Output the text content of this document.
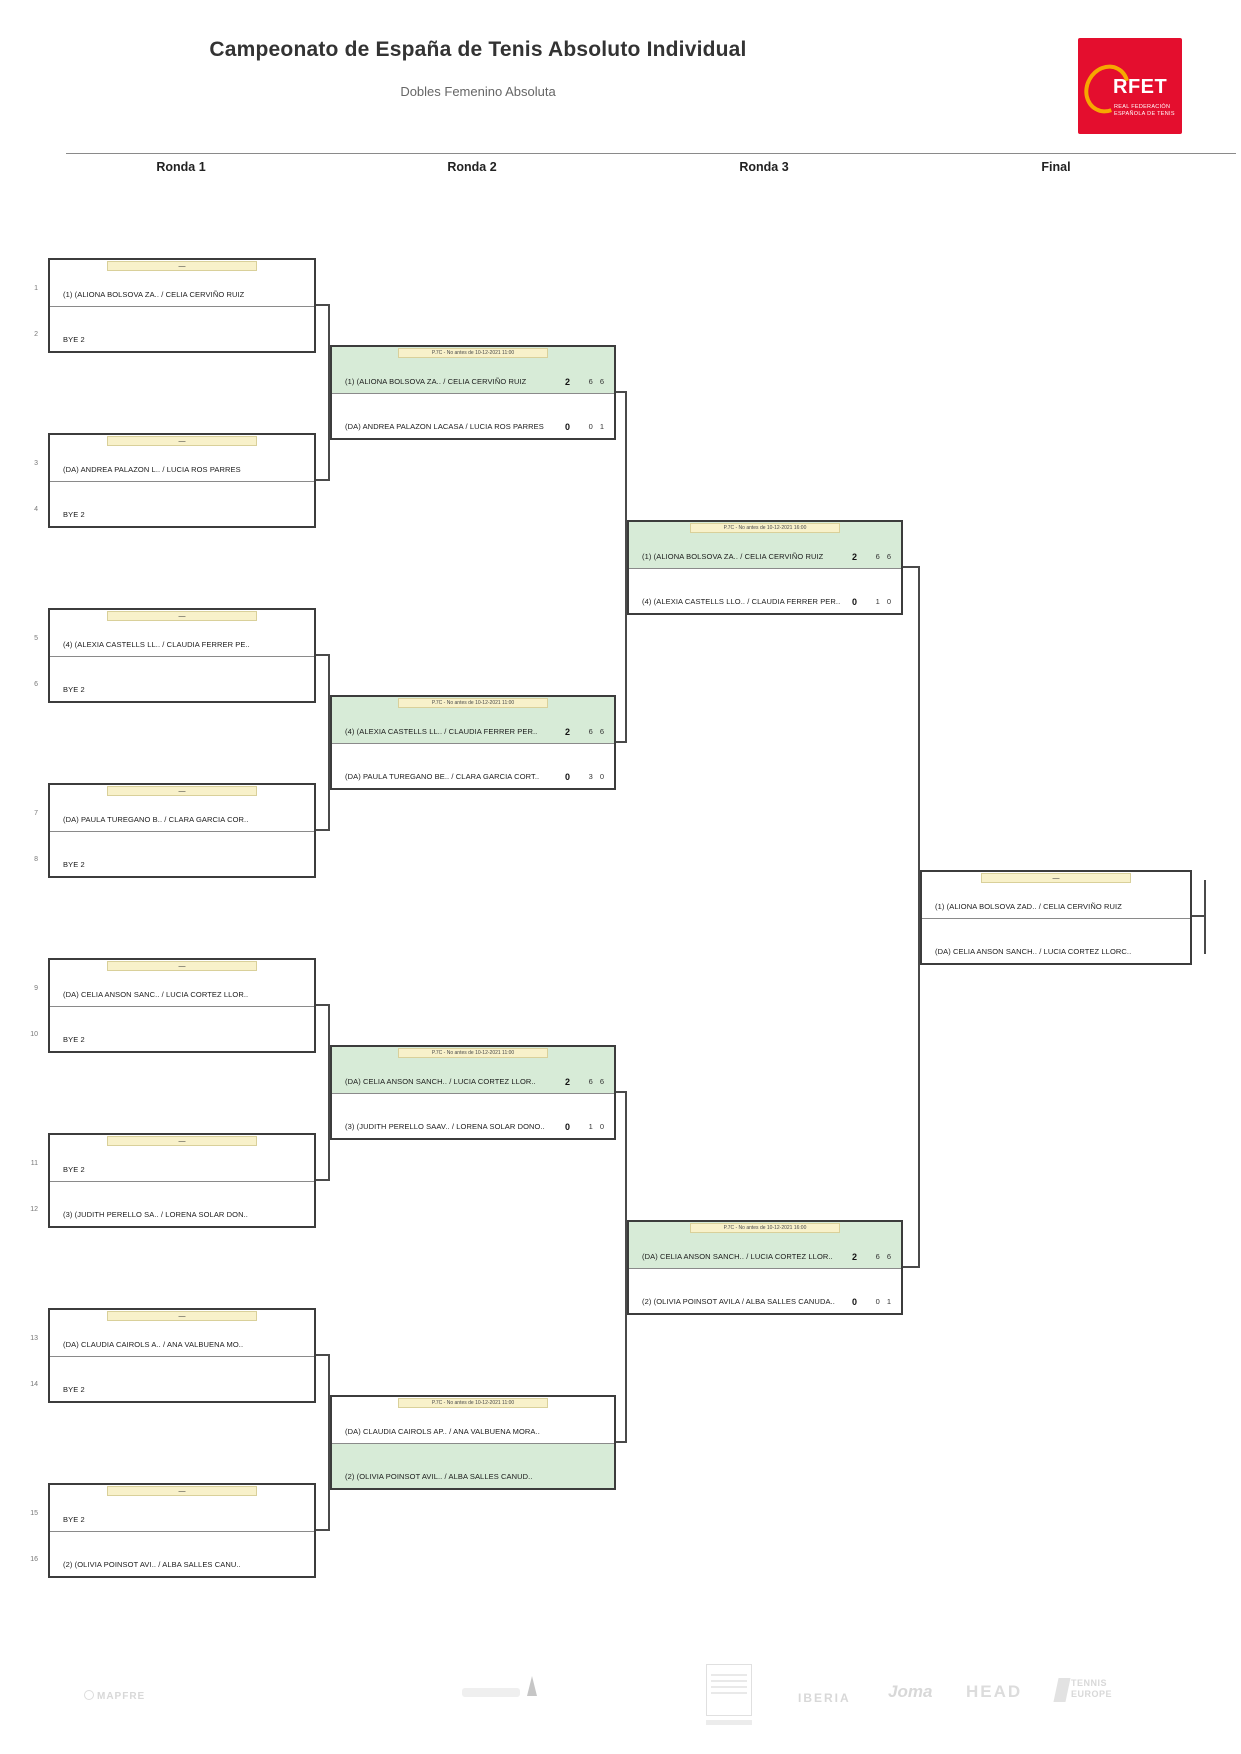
Campeonato de España de Tenis Absoluto Individual
Dobles Femenino Absoluta	RFET
REAL FEDERACIÓN
ESPAÑOLA DE TENIS
Ronda 1	Ronda 2	Ronda 3	Final
1
2
3
4
5
6
7
8
9
10
11
12
13
14
15
16
—
(1) (ALIONA BOLSOVA ZA.. / CELIA CERVIÑO RUIZ
BYE 2
—
(DA) ANDREA PALAZON L.. / LUCIA ROS PARRES
BYE 2
—
(4) (ALEXIA CASTELLS LL.. / CLAUDIA FERRER PE..
BYE 2
—
(DA) PAULA TUREGANO B.. / CLARA GARCIA COR..
BYE 2
—
(DA) CELIA ANSON SANC.. / LUCIA CORTEZ LLOR..
BYE 2
—
BYE 2
(3) (JUDITH PERELLO SA.. / LORENA SOLAR DON..
—
(DA) CLAUDIA CAIROLS A.. / ANA VALBUENA MO..
BYE 2
—
BYE 2
(2) (OLIVIA POINSOT AVI.. / ALBA SALLES CANU..
P.7C - No antes de 10-12-2021 11:00
(1) (ALIONA BOLSOVA ZA.. / CELIA CERVIÑO RUIZ	2 6 6
(DA) ANDREA PALAZON LACASA / LUCIA ROS PARRES 0 0 1
P.7C - No antes de 10-12-2021 11:00
(4) (ALEXIA CASTELLS LL.. / CLAUDIA FERRER PER..	2 6 6
(DA) PAULA TUREGANO BE.. / CLARA GARCIA CORT..	0 3 0
P.7C - No antes de 10-12-2021 11:00
(DA) CELIA ANSON SANCH.. / LUCIA CORTEZ LLOR..	2 6 6
(3) (JUDITH PERELLO SAAV.. / LORENA SOLAR DONO.. 0 1 0
P.7C - No antes de 10-12-2021 11:00
(DA) CLAUDIA CAIROLS AP.. / ANA VALBUENA MORA..
(2) (OLIVIA POINSOT AVIL.. / ALBA SALLES CANUD..
P.7C - No antes de 10-12-2021 16:00
(1) (ALIONA BOLSOVA ZA.. / CELIA CERVIÑO RUIZ	2 6 6
(4) (ALEXIA CASTELLS LLO.. / CLAUDIA FERRER PER.. 0 1 0
P.7C - No antes de 10-12-2021 16:00
(DA) CELIA ANSON SANCH.. / LUCIA CORTEZ LLOR.. 2 6 6
(2) (OLIVIA POINSOT AVILA / ALBA SALLES CANUDA.. 0 0 1
—
(1) (ALIONA BOLSOVA ZAD.. / CELIA CERVIÑO RUIZ
(DA) CELIA ANSON SANCH.. / LUCIA CORTEZ LLORC..
MAPFRE	IBERIA Joma HEAD	TENNIS
EUROPE
